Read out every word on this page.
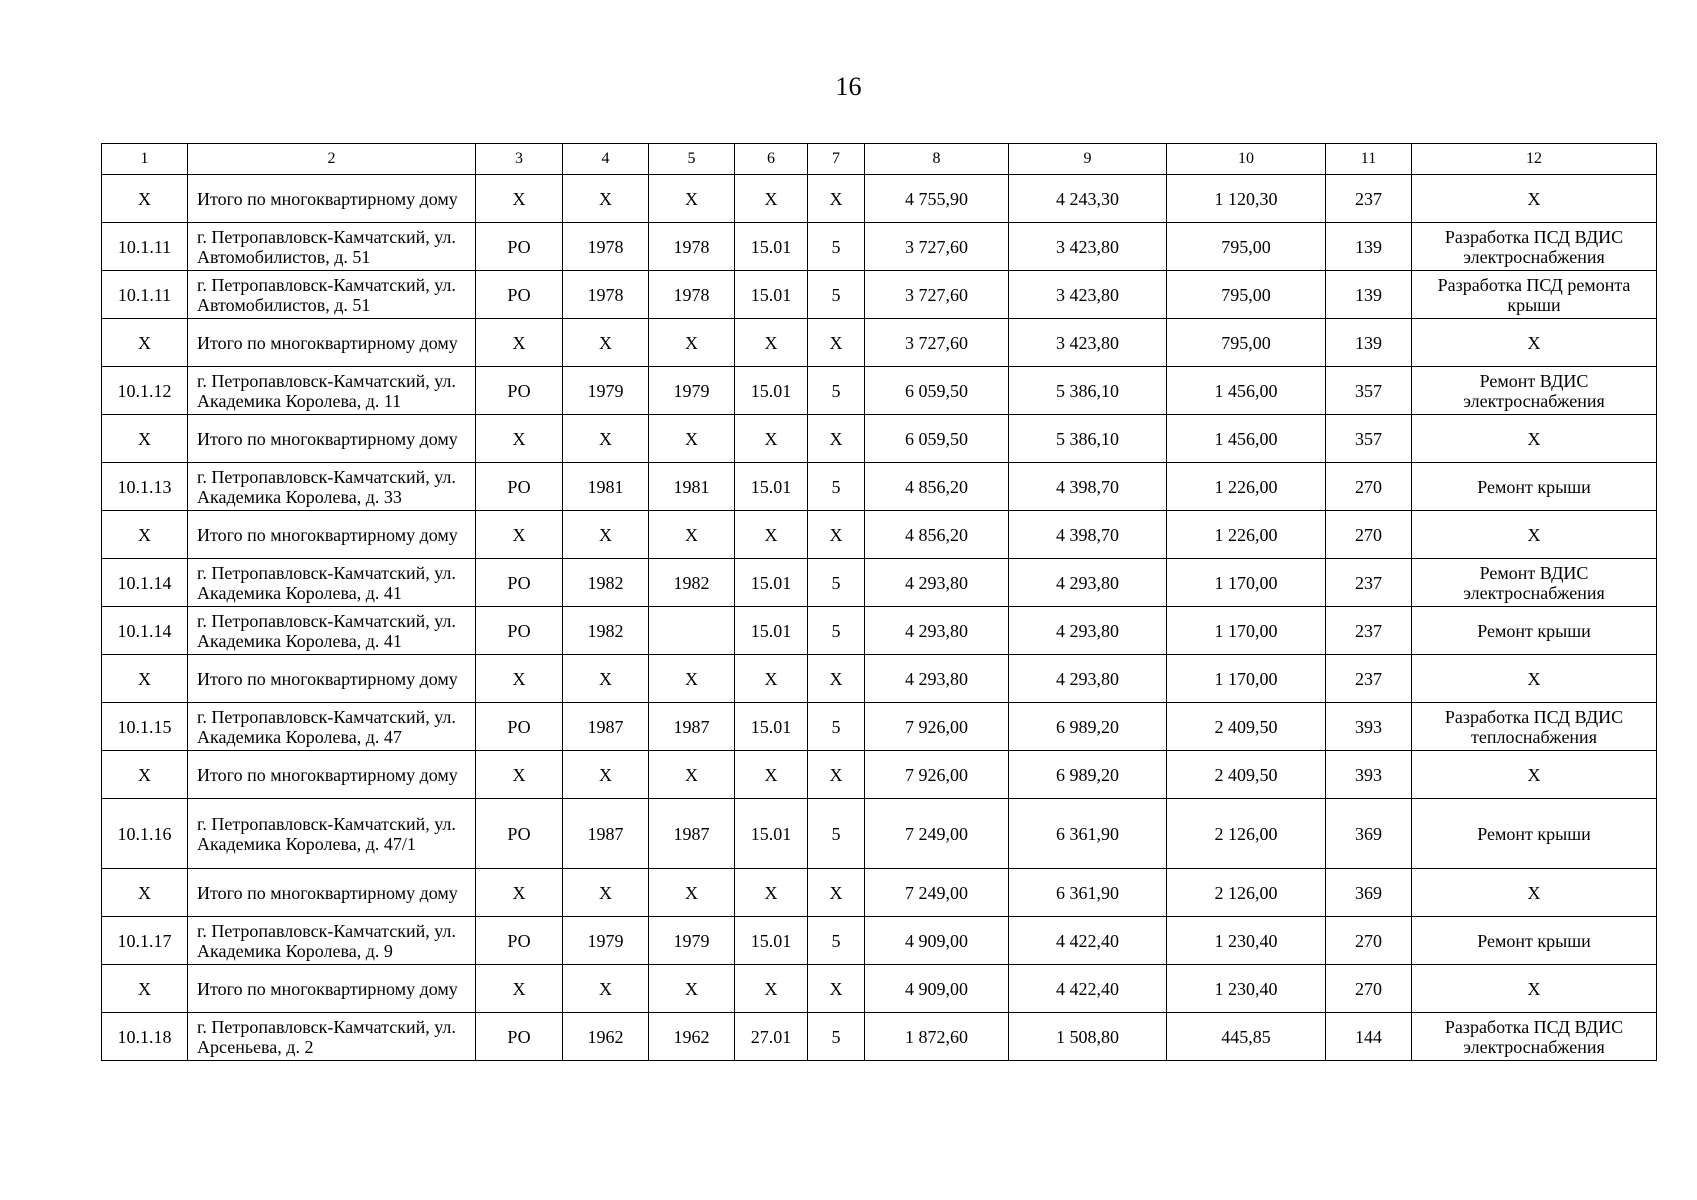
16
1	2	3	4	5	6	7	8	9	10	11	12
Х	Итого по многоквартирному дому	Х	Х	Х	Х	Х	4 755,90	4 243,30	1 120,30	237	Х
10.1.11	г. Петропавловск-Камчатский, ул. Автомобилистов, д. 51	РО	1978	1978	15.01	5	3 727,60	3 423,80	795,00	139	Разработка ПСД ВДИС электроснабжения
10.1.11	г. Петропавловск-Камчатский, ул. Автомобилистов, д. 51	РО	1978	1978	15.01	5	3 727,60	3 423,80	795,00	139	Разработка ПСД ремонта крыши
Х	Итого по многоквартирному дому	Х	Х	Х	Х	Х	3 727,60	3 423,80	795,00	139	Х
10.1.12	г. Петропавловск-Камчатский, ул. Академика Королева, д. 11	РО	1979	1979	15.01	5	6 059,50	5 386,10	1 456,00	357	Ремонт ВДИС электроснабжения
Х	Итого по многоквартирному дому	Х	Х	Х	Х	Х	6 059,50	5 386,10	1 456,00	357	Х
10.1.13	г. Петропавловск-Камчатский, ул. Академика Королева, д. 33	РО	1981	1981	15.01	5	4 856,20	4 398,70	1 226,00	270	Ремонт крыши
Х	Итого по многоквартирному дому	Х	Х	Х	Х	Х	4 856,20	4 398,70	1 226,00	270	Х
10.1.14	г. Петропавловск-Камчатский, ул. Академика Королева, д. 41	РО	1982	1982	15.01	5	4 293,80	4 293,80	1 170,00	237	Ремонт ВДИС электроснабжения
10.1.14	г. Петропавловск-Камчатский, ул. Академика Королева, д. 41	РО	1982		15.01	5	4 293,80	4 293,80	1 170,00	237	Ремонт крыши
Х	Итого по многоквартирному дому	Х	Х	Х	Х	Х	4 293,80	4 293,80	1 170,00	237	Х
10.1.15	г. Петропавловск-Камчатский, ул. Академика Королева, д. 47	РО	1987	1987	15.01	5	7 926,00	6 989,20	2 409,50	393	Разработка ПСД ВДИС теплоснабжения
Х	Итого по многоквартирному дому	Х	Х	Х	Х	Х	7 926,00	6 989,20	2 409,50	393	Х
10.1.16	г. Петропавловск-Камчатский, ул. Академика Королева, д. 47/1	РО	1987	1987	15.01	5	7 249,00	6 361,90	2 126,00	369	Ремонт крыши
Х	Итого по многоквартирному дому	Х	Х	Х	Х	Х	7 249,00	6 361,90	2 126,00	369	Х
10.1.17	г. Петропавловск-Камчатский, ул. Академика Королева, д. 9	РО	1979	1979	15.01	5	4 909,00	4 422,40	1 230,40	270	Ремонт крыши
Х	Итого по многоквартирному дому	Х	Х	Х	Х	Х	4 909,00	4 422,40	1 230,40	270	Х
10.1.18	г. Петропавловск-Камчатский, ул. Арсеньева, д. 2	РО	1962	1962	27.01	5	1 872,60	1 508,80	445,85	144	Разработка ПСД ВДИС электроснабжения
